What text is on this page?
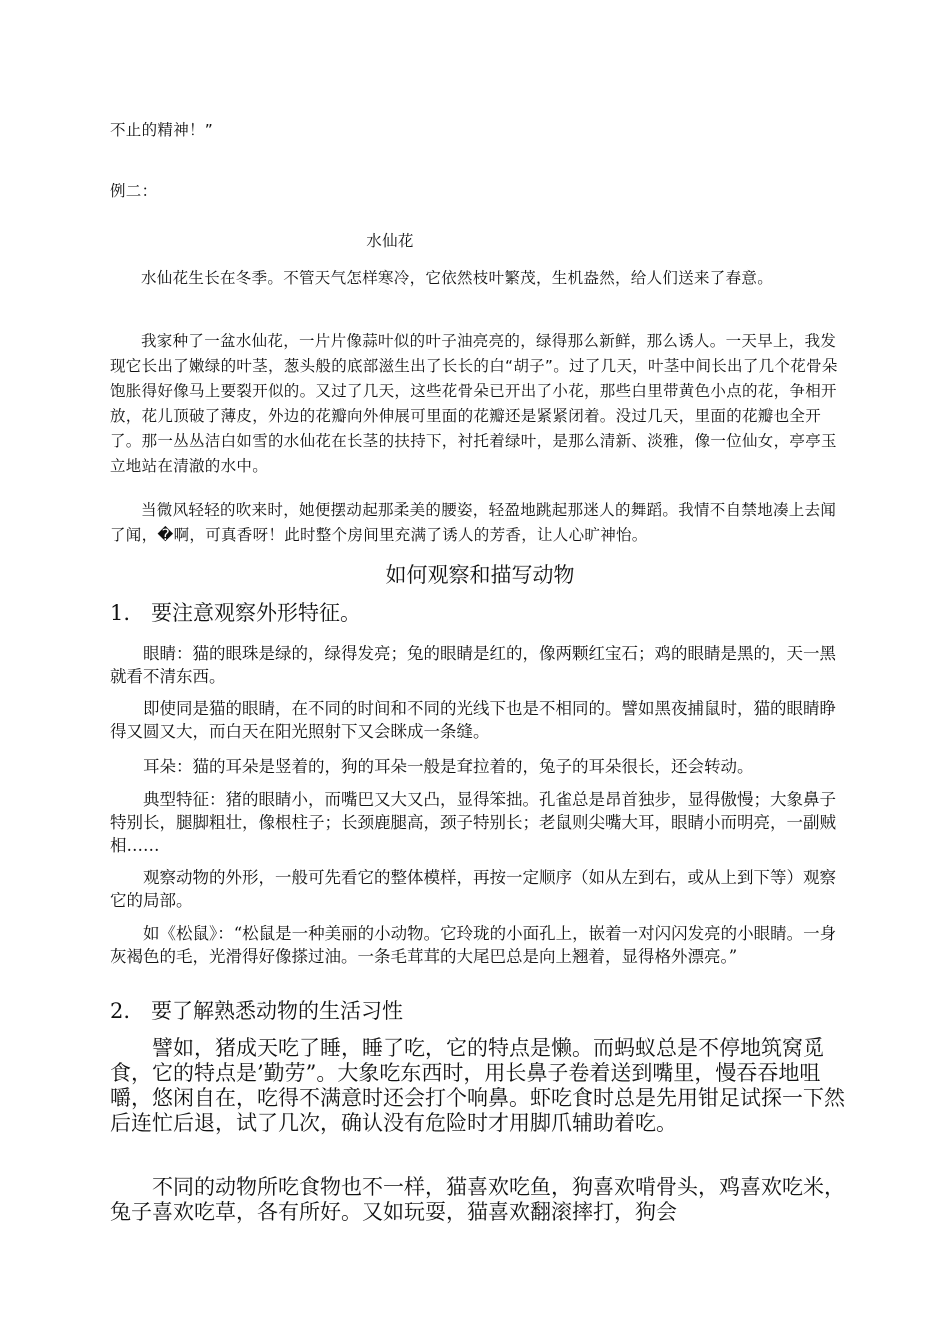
不止的精神！”

例二：

水仙花

水仙花生长在冬季。不管天气怎样寒冷，它依然枝叶繁茂，生机盎然，给人们送来了春意。

我家种了一盆水仙花，一片片像蒜叶似的叶子油亮亮的，绿得那么新鲜，那么诱人。一天早上，我发现它长出了嫩绿的叶茎，葱头般的底部滋生出了长长的白“胡子”。过了几天，叶茎中间长出了几个花骨朵饱胀得好像马上要裂开似的。又过了几天，这些花骨朵已开出了小花，那些白里带黄色小点的花，争相开放，花儿顶破了薄皮，外边的花瓣向外伸展可里面的花瓣还是紧紧闭着。没过几天，里面的花瓣也全开了。那一丛丛洁白如雪的水仙花在长茎的扶持下，衬托着绿叶，是那么清新、淡雅，像一位仙女，亭亭玉立地站在清澈的水中。

当微风轻轻的吹来时，她便摆动起那柔美的腰姿，轻盈地跳起那迷人的舞蹈。我情不自禁地凑上去闻了闻，�啊，可真香呀！此时整个房间里充满了诱人的芳香，让人心旷神怡。

如何观察和描写动物

1.　要注意观察外形特征。

眼睛：猫的眼珠是绿的，绿得发亮；兔的眼睛是红的，像两颗红宝石；鸡的眼睛是黑的，天一黑就看不清东西。

即使同是猫的眼睛，在不同的时间和不同的光线下也是不相同的。譬如黑夜捕鼠时，猫的眼睛睁得又圆又大，而白天在阳光照射下又会眯成一条缝。

耳朵：猫的耳朵是竖着的，狗的耳朵一般是耷拉着的，兔子的耳朵很长，还会转动。

典型特征：猪的眼睛小，而嘴巴又大又凸，显得笨拙。孔雀总是昂首独步，显得傲慢；大象鼻子特别长，腿脚粗壮，像根柱子；长颈鹿腿高，颈子特别长；老鼠则尖嘴大耳，眼睛小而明亮，一副贼相……

观察动物的外形，一般可先看它的整体模样，再按一定顺序（如从左到右，或从上到下等）观察它的局部。

如《松鼠》：“松鼠是一种美丽的小动物。它玲珑的小面孔上，嵌着一对闪闪发亮的小眼睛。一身灰褐色的毛，光滑得好像搽过油。一条毛茸茸的大尾巴总是向上翘着，显得格外漂亮。”

2.　要了解熟悉动物的生活习性

譬如，猪成天吃了睡，睡了吃，它的特点是懒。而蚂蚁总是不停地筑窝觅食，它的特点是’勤劳”。大象吃东西时，用长鼻子卷着送到嘴里，慢吞吞地咀嚼，悠闲自在，吃得不满意时还会打个响鼻。虾吃食时总是先用钳足试探一下然后连忙后退，试了几次，确认没有危险时才用脚爪辅助着吃。

不同的动物所吃食物也不一样，猫喜欢吃鱼，狗喜欢啃骨头，鸡喜欢吃米，兔子喜欢吃草，各有所好。又如玩耍，猫喜欢翻滚摔打，狗会
